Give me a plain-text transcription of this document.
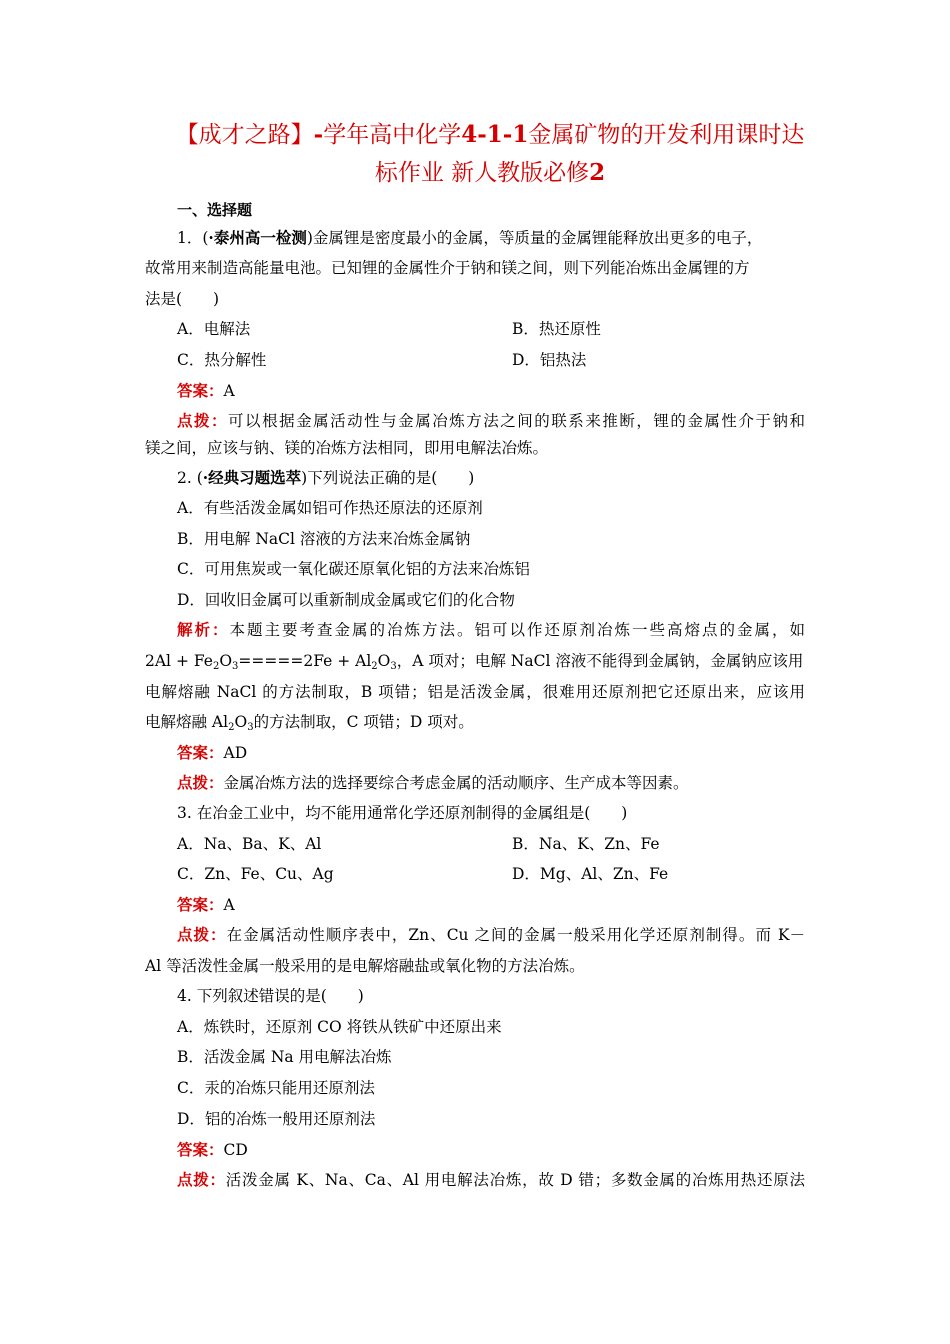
【成才之路】-学年高中化学4-1-1金属矿物的开发利用课时达
标作业 新人教版必修2
一、选择题
1．(·泰州高一检测)金属锂是密度最小的金属，等质量的金属锂能释放出更多的电子，
故常用来制造高能量电池。已知锂的金属性介于钠和镁之间，则下列能冶炼出金属锂的方
法是(　　)
A．电解法	B．热还原性
C．热分解性	D．铝热法
答案：A
点拨：可以根据金属活动性与金属冶炼方法之间的联系来推断，锂的金属性介于钠和
镁之间，应该与钠、镁的冶炼方法相同，即用电解法冶炼。
2. (·经典习题选萃)下列说法正确的是(　　)
A．有些活泼金属如铝可作热还原法的还原剂
B．用电解 NaCl 溶液的方法来冶炼金属钠
C．可用焦炭或一氧化碳还原氧化铝的方法来冶炼铝
D．回收旧金属可以重新制成金属或它们的化合物
解析：本题主要考查金属的冶炼方法。铝可以作还原剂冶炼一些高熔点的金属，如
$2Al + Fe_2O_3=====2Fe + Al_2O_3$，A 项对；电解 NaCl 溶液不能得到金属钠，金属钠应该用
电解熔融 NaCl 的方法制取，B 项错；铝是活泼金属，很难用还原剂把它还原出来，应该用
电解熔融 $Al_2O_3$的方法制取，C 项错；D 项对。
答案：AD
点拨：金属冶炼方法的选择要综合考虑金属的活动顺序、生产成本等因素。
3. 在冶金工业中，均不能用通常化学还原剂制得的金属组是(　　)
A．Na、Ba、K、Al	B．Na、K、Zn、Fe
C．Zn、Fe、Cu、Ag	D．Mg、Al、Zn、Fe
答案：A
点拨：在金属活动性顺序表中，Zn、Cu 之间的金属一般采用化学还原剂制得。而 K－
Al 等活泼性金属一般采用的是电解熔融盐或氧化物的方法冶炼。
4. 下列叙述错误的是(　　)
A．炼铁时，还原剂 CO 将铁从铁矿中还原出来
B．活泼金属 Na 用电解法冶炼
C．汞的冶炼只能用还原剂法
D．铝的冶炼一般用还原剂法
答案：CD
点拨：活泼金属 K、Na、Ca、Al 用电解法冶炼，故 D 错；多数金属的冶炼用热还原法
